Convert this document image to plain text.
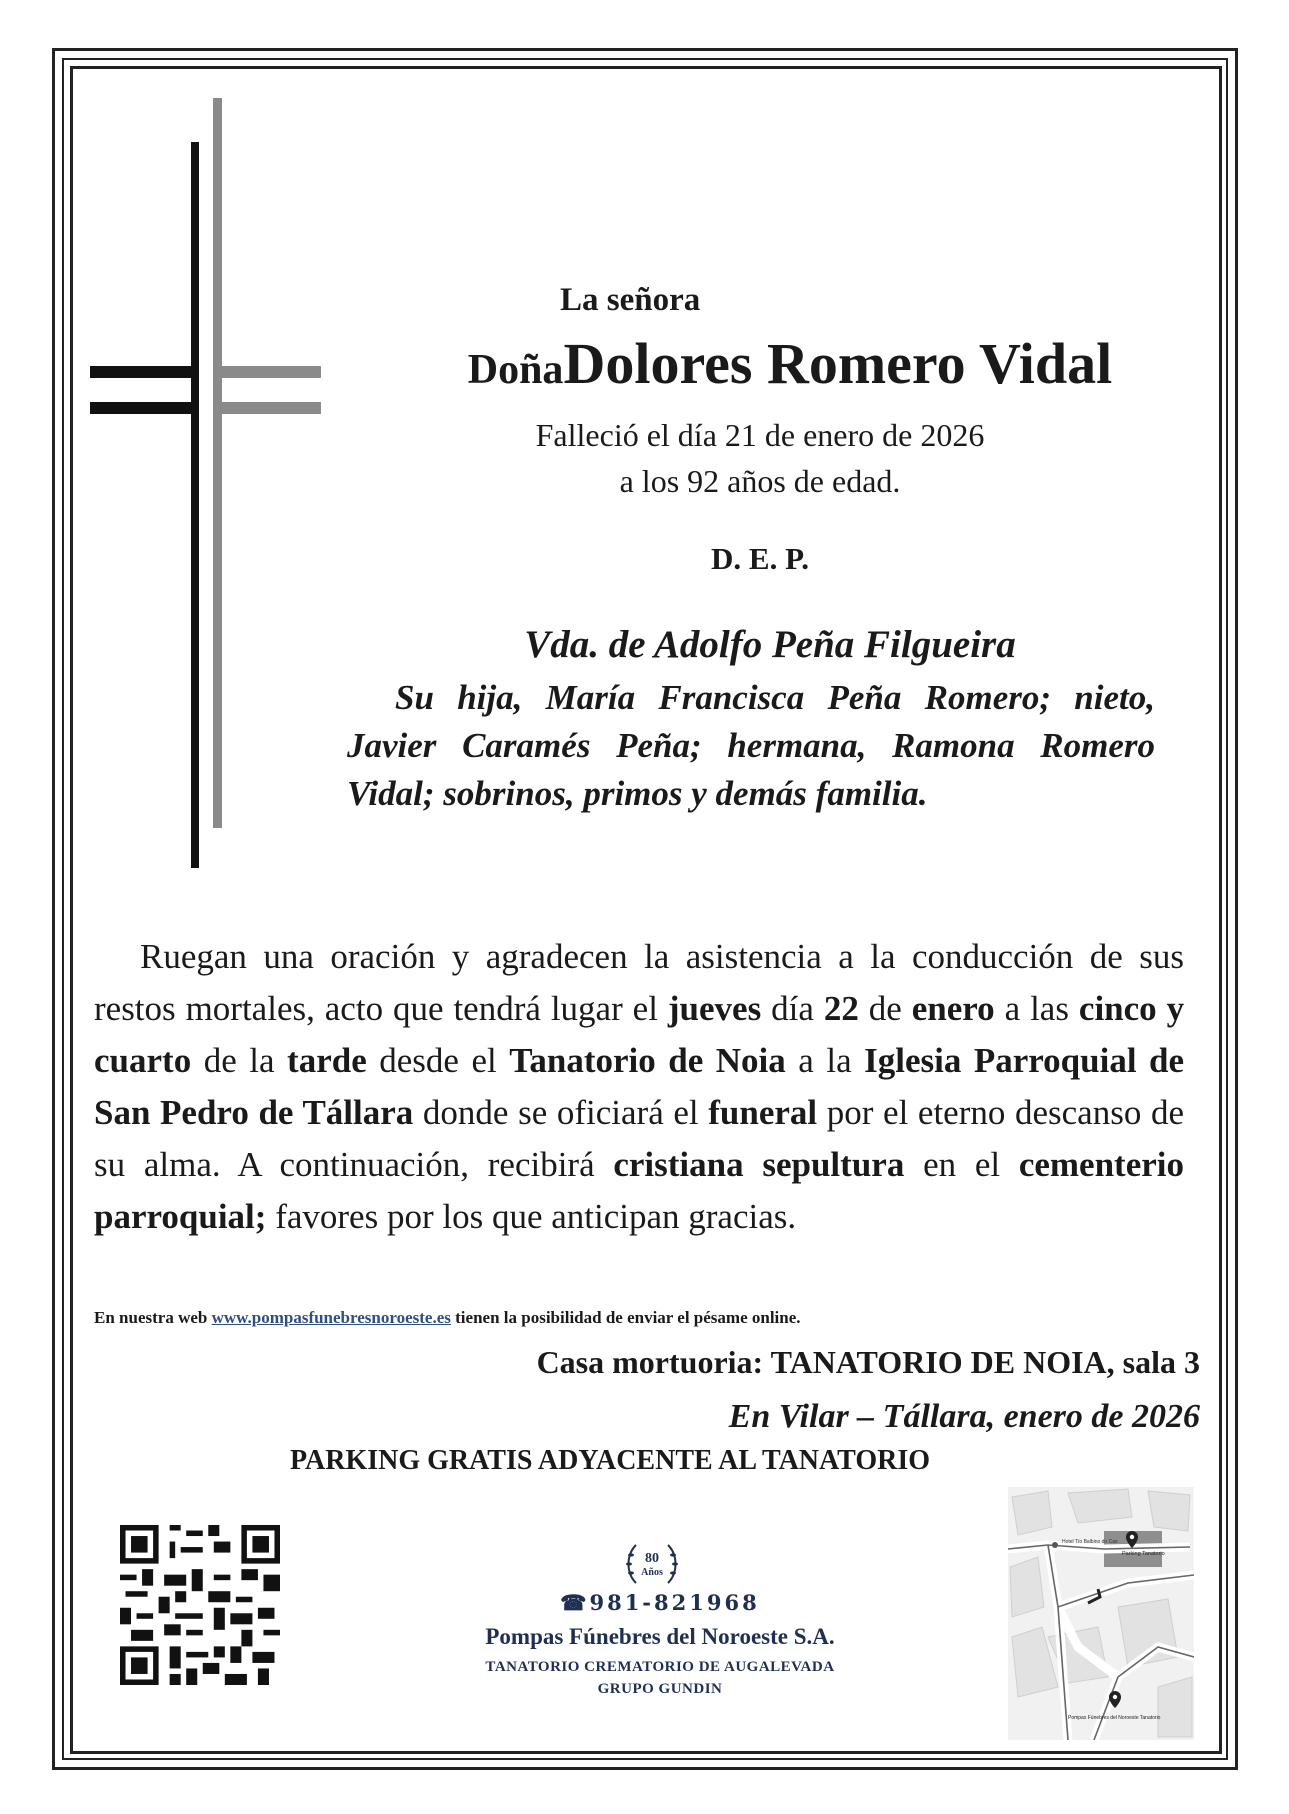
La señora

DoñaDolores Romero Vidal

Falleció el día 21 de enero de 2026
a los 92 años de edad.

D. E. P.

Vda. de Adolfo Peña Filgueira

Su hija, María Francisca Peña Romero; nieto, Javier Caramés Peña; hermana, Ramona Romero Vidal; sobrinos, primos y demás familia.

Ruegan una oración y agradecen la asistencia a la conducción de sus restos mortales, acto que tendrá lugar el jueves día 22 de enero a las cinco y cuarto de la tarde desde el Tanatorio de Noia a la Iglesia Parroquial de San Pedro de Tállara donde se oficiará el funeral por el eterno descanso de su alma. A continuación, recibirá cristiana sepultura en el cementerio parroquial; favores por los que anticipan gracias.

En nuestra web www.pompasfunebresnoroeste.es tienen la posibilidad de enviar el pésame online.

Casa mortuoria: TANATORIO DE NOIA, sala 3

En Vilar – Tállara, enero de 2026

PARKING GRATIS ADYACENTE AL TANATORIO

80
Años

☎981-821968

Pompas Fúnebres del Noroeste S.A.

TANATORIO CREMATORIO DE AUGALEVADA

GRUPO GUNDIN

Hotel Tío Balbino do Cas
Parking Tanatorio
Pompas Fúnebres del Noroeste Tanatorio
